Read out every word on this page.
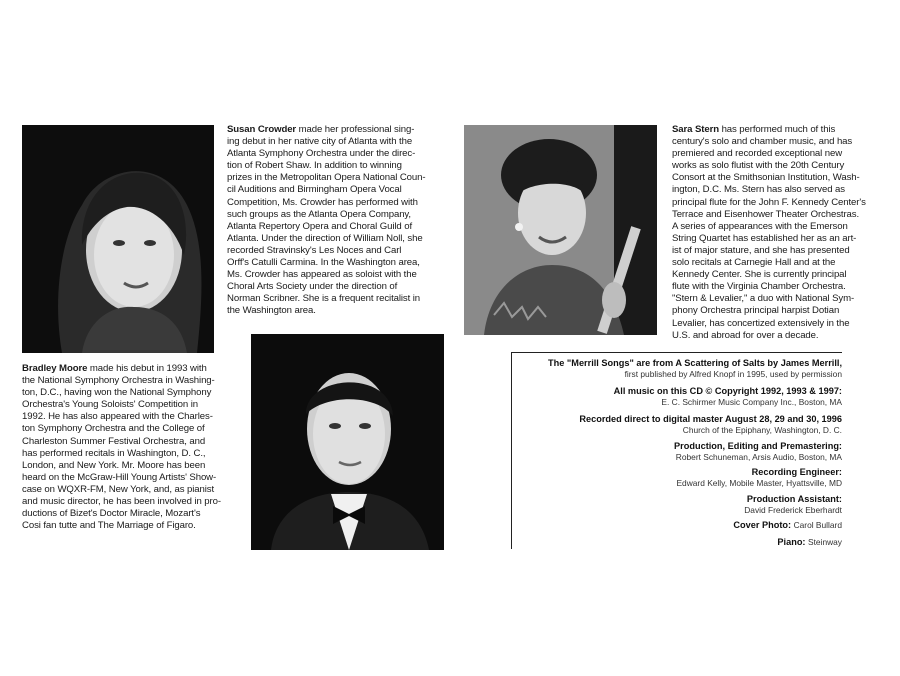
Susan Crowder made her professional sing-
ing debut in her native city of Atlanta with the
Atlanta Symphony Orchestra under the direc-
tion of Robert Shaw. In addition to winning
prizes in the Metropolitan Opera National Coun-
cil Auditions and Birmingham Opera Vocal
Competition, Ms. Crowder has performed with
such groups as the Atlanta Opera Company,
Atlanta Repertory Opera and Choral Guild of
Atlanta. Under the direction of William Noll, she
recorded Stravinsky's Les Noces and Carl
Orff's Catulli Carmina. In the Washington area,
Ms. Crowder has appeared as soloist with the
Choral Arts Society under the direction of
Norman Scribner. She is a frequent recitalist in
the Washington area.
Sara Stern has performed much of this
century's solo and chamber music, and has
premiered and recorded exceptional new
works as solo flutist with the 20th Century
Consort at the Smithsonian Institution, Wash-
ington, D.C. Ms. Stern has also served as
principal flute for the John F. Kennedy Center's
Terrace and Eisenhower Theater Orchestras.
A series of appearances with the Emerson
String Quartet has established her as an art-
ist of major stature, and she has presented
solo recitals at Carnegie Hall and at the
Kennedy Center. She is currently principal
flute with the Virginia Chamber Orchestra.
"Stern & Levalier," a duo with National Sym-
phony Orchestra principal harpist Dotian
Levalier, has concertized extensively in the
U.S. and abroad for over a decade.
Bradley Moore made his debut in 1993 with
the National Symphony Orchestra in Washing-
ton, D.C., having won the National Symphony
Orchestra's Young Soloists' Competition in
1992. He has also appeared with the Charles-
ton Symphony Orchestra and the College of
Charleston Summer Festival Orchestra, and
has performed recitals in Washington, D. C.,
London, and New York. Mr. Moore has been
heard on the McGraw-Hill Young Artists' Show-
case on WQXR-FM, New York, and, as pianist
and music director, he has been involved in pro-
ductions of Bizet's Doctor Miracle, Mozart's
Cosi fan tutte and The Marriage of Figaro.
The "Merrill Songs" are from A Scattering of Salts by James Merrill,
first published by Alfred Knopf in 1995, used by permission
All music on this CD © Copyright 1992, 1993 & 1997:
E. C. Schirmer Music Company Inc., Boston, MA
Recorded direct to digital master August 28, 29 and 30, 1996
Church of the Epiphany, Washington, D. C.
Production, Editing and Premastering:
Robert Schuneman, Arsis Audio, Boston, MA
Recording Engineer:
Edward Kelly, Mobile Master, Hyattsville, MD
Production Assistant:
David Frederick Eberhardt
Cover Photo: Carol Bullard
Piano: Steinway
